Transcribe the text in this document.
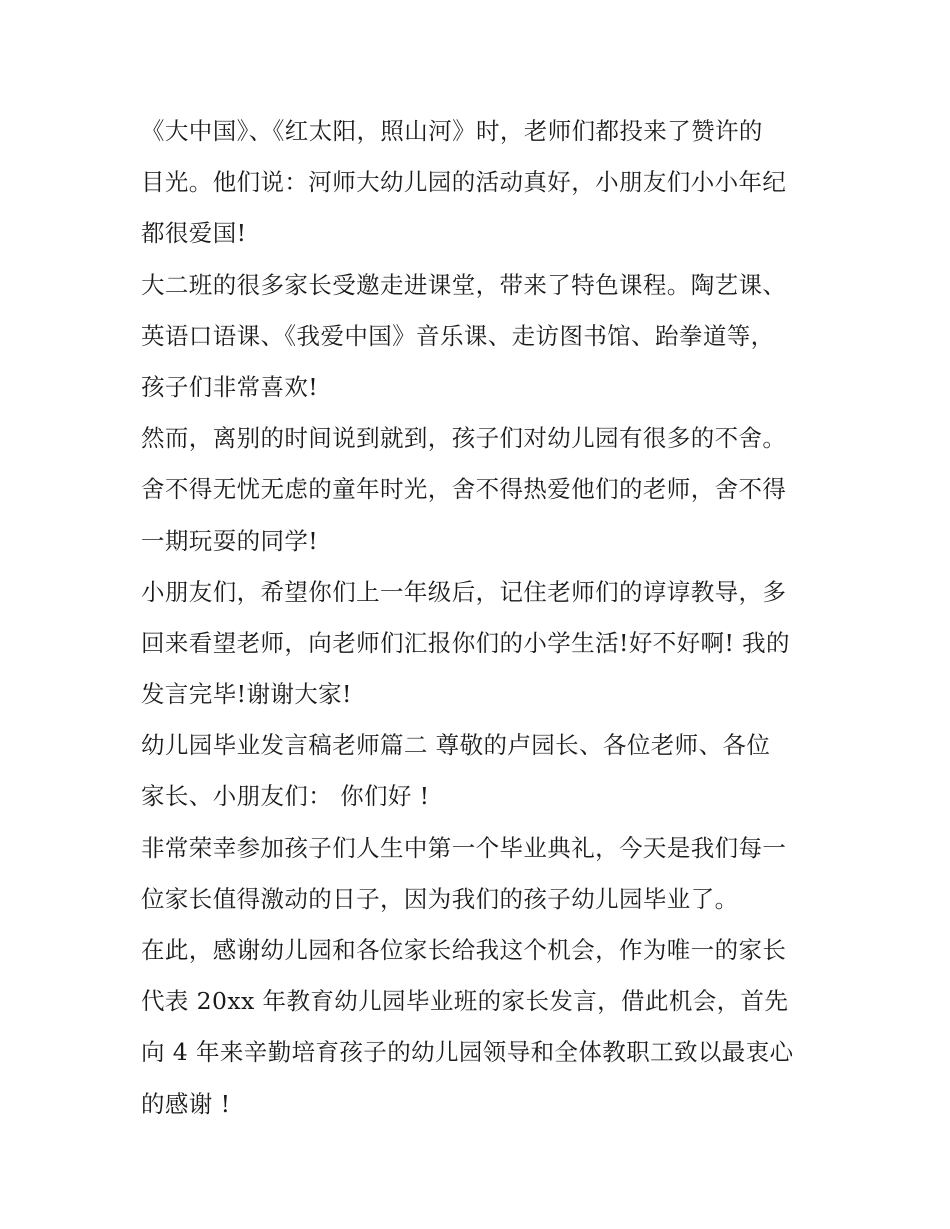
《大中国》、《红太阳，照山河》时，老师们都投来了赞许的
目光。他们说：河师大幼儿园的活动真好，小朋友们小小年纪
都很爱国!
大二班的很多家长受邀走进课堂，带来了特色课程。陶艺课、
英语口语课、《我爱中国》音乐课、走访图书馆、跆拳道等，
孩子们非常喜欢!
然而，离别的时间说到就到，孩子们对幼儿园有很多的不舍。
舍不得无忧无虑的童年时光，舍不得热爱他们的老师，舍不得
一期玩耍的同学!
小朋友们，希望你们上一年级后，记住老师们的谆谆教导，多
回来看望老师，向老师们汇报你们的小学生活!好不好啊! 我的
发言完毕!谢谢大家!
幼儿园毕业发言稿老师篇二 尊敬的卢园长、各位老师、各位
家长、小朋友们： 你们好 !
非常荣幸参加孩子们人生中第一个毕业典礼，今天是我们每一
位家长值得激动的日子，因为我们的孩子幼儿园毕业了。
在此，感谢幼儿园和各位家长给我这个机会，作为唯一的家长
代表 20xx 年教育幼儿园毕业班的家长发言，借此机会，首先
向 4 年来辛勤培育孩子的幼儿园领导和全体教职工致以最衷心
的感谢 !
